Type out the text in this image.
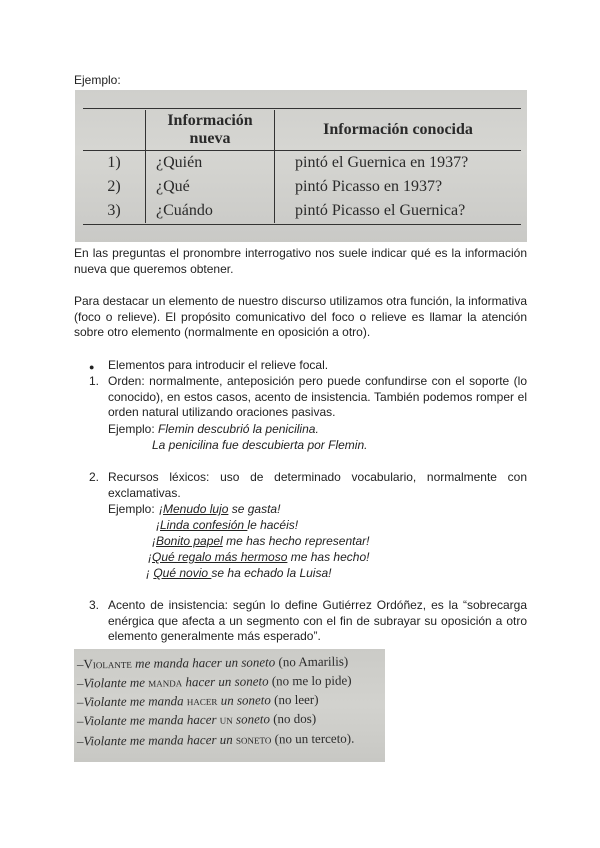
Ejemplo:

	Información nueva	Información conocida
1)	¿Quién	pintó el Guernica en 1937?
2)	¿Qué	pintó Picasso en 1937?
3)	¿Cuándo	pintó Picasso el Guernica?

En las preguntas el pronombre interrogativo nos suele indicar qué es la información nueva que queremos obtener.

Para destacar un elemento de nuestro discurso utilizamos otra función, la informativa (foco o relieve). El propósito comunicativo del foco o relieve es llamar la atención sobre otro elemento (normalmente en oposición a otro).

● Elementos para introducir el relieve focal.
1. Orden: normalmente, anteposición pero puede confundirse con el soporte (lo conocido), en estos casos, acento de insistencia. También podemos romper el orden natural utilizando oraciones pasivas.

Ejemplo: Flemin descubrió la penicilina.

La penicilina fue descubierta por Flemin.

2. Recursos léxicos: uso de determinado vocabulario, normalmente con exclamativas.

Ejemplo: ¡Menudo lujo se gasta!

¡Linda confesión le hacéis!

¡Bonito papel me has hecho representar!

¡Qué regalo más hermoso me has hecho!

¡ Qué novio se ha echado la Luisa!

3. Acento de insistencia: según lo define Gutiérrez Ordóñez, es la “sobrecarga enérgica que afecta a un segmento con el fin de subrayar su oposición a otro elemento generalmente más esperado”.

–Violante me manda hacer un soneto (no Amarilis)
–Violante me manda hacer un soneto (no me lo pide)
–Violante me manda hacer un soneto (no leer)
–Violante me manda hacer un soneto (no dos)
–Violante me manda hacer un soneto (no un terceto).
